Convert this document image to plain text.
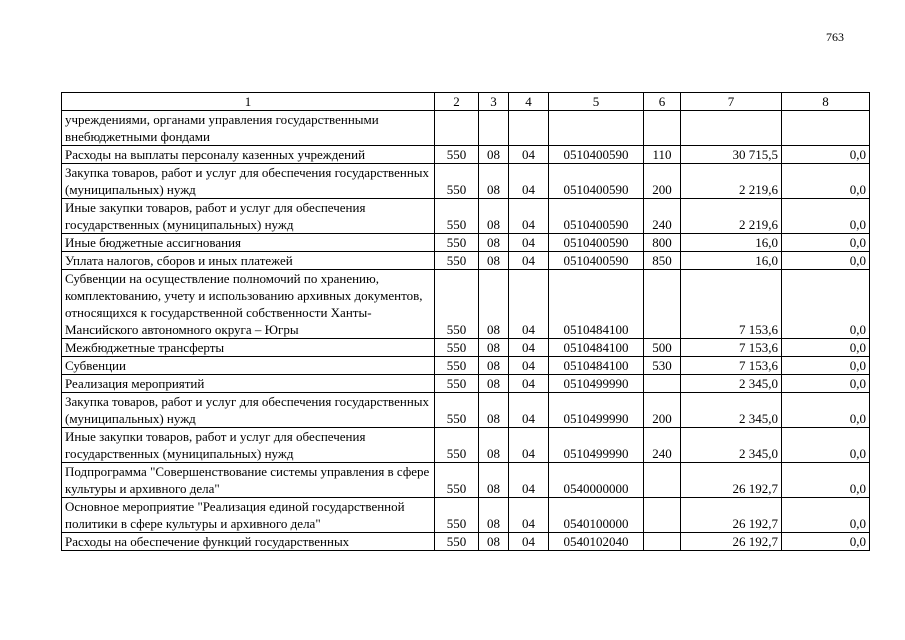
763
1	2	3	4	5	6	7	8
учреждениями, органами управления государственными внебюджетными фондами							
Расходы на выплаты персоналу казенных учреждений	550	08	04	0510400590	110	30 715,5	0,0
Закупка товаров, работ и услуг для обеспечения государственных (муниципальных) нужд	550	08	04	0510400590	200	2 219,6	0,0
Иные закупки товаров, работ и услуг для обеспечения государственных (муниципальных) нужд	550	08	04	0510400590	240	2 219,6	0,0
Иные бюджетные ассигнования	550	08	04	0510400590	800	16,0	0,0
Уплата налогов, сборов и иных платежей	550	08	04	0510400590	850	16,0	0,0
Субвенции на осуществление полномочий по хранению, комплектованию, учету и использованию архивных документов, относящихся к государственной собственности Ханты-Мансийского автономного округа – Югры	550	08	04	0510484100		7 153,6	0,0
Межбюджетные трансферты	550	08	04	0510484100	500	7 153,6	0,0
Субвенции	550	08	04	0510484100	530	7 153,6	0,0
Реализация мероприятий	550	08	04	0510499990		2 345,0	0,0
Закупка товаров, работ и услуг для обеспечения государственных (муниципальных) нужд	550	08	04	0510499990	200	2 345,0	0,0
Иные закупки товаров, работ и услуг для обеспечения государственных (муниципальных) нужд	550	08	04	0510499990	240	2 345,0	0,0
Подпрограмма "Совершенствование системы управления в сфере культуры и архивного дела"	550	08	04	0540000000		26 192,7	0,0
Основное мероприятие "Реализация единой государственной политики в сфере культуры и архивного дела"	550	08	04	0540100000		26 192,7	0,0
Расходы на обеспечение функций государственных	550	08	04	0540102040		26 192,7	0,0
